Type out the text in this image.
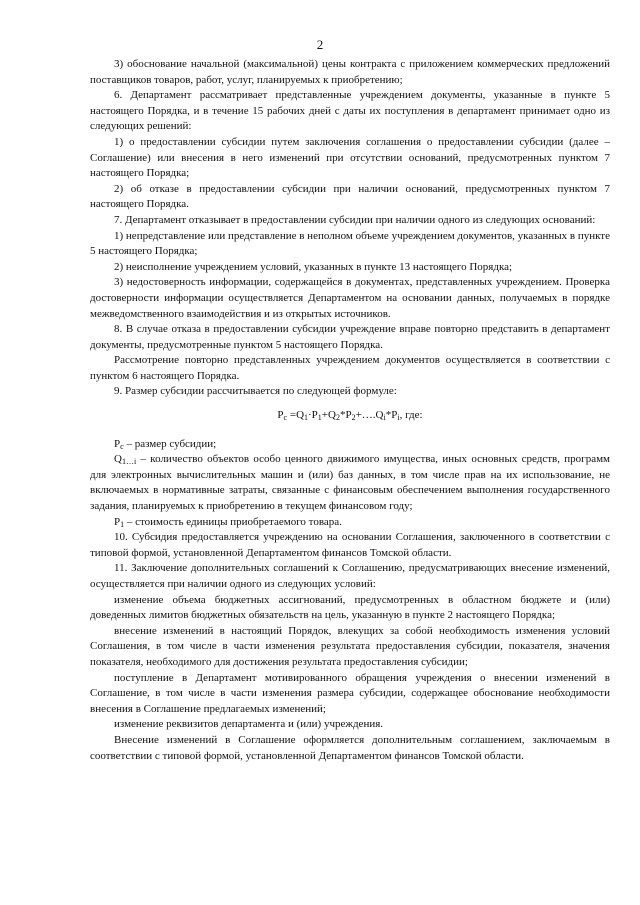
2

3) обоснование начальной (максимальной) цены контракта с приложением коммерческих предложений поставщиков товаров, работ, услуг, планируемых к приобретению;

6. Департамент рассматривает представленные учреждением документы, указанные в пункте 5 настоящего Порядка, и в течение 15 рабочих дней с даты их поступления в департамент принимает одно из следующих решений:

1) о предоставлении субсидии путем заключения соглашения о предоставлении субсидии (далее – Соглашение) или внесения в него изменений при отсутствии оснований, предусмотренных пунктом 7 настоящего Порядка;

2) об отказе в предоставлении субсидии при наличии оснований, предусмотренных пунктом 7 настоящего Порядка.

7. Департамент отказывает в предоставлении субсидии при наличии одного из следующих оснований:

1) непредставление или представление в неполном объеме учреждением документов, указанных в пункте 5 настоящего Порядка;

2) неисполнение учреждением условий, указанных в пункте 13 настоящего Порядка;

3) недостоверность информации, содержащейся в документах, представленных учреждением. Проверка достоверности информации осуществляется Департаментом на основании данных, получаемых в порядке межведомственного взаимодействия и из открытых источников.

8. В случае отказа в предоставлении субсидии учреждение вправе повторно представить в департамент документы, предусмотренные пунктом 5 настоящего Порядка.

Рассмотрение повторно представленных учреждением документов осуществляется в соответствии с пунктом 6 настоящего Порядка.

9. Размер субсидии рассчитывается по следующей формуле:

$P_с$ $=Q_1\cdot P_1+Q_2*P_2+\dots.Q_i*P_i$, где:

$P_с$ – размер субсидии;

$Q_{1\dots i}$ – количество объектов особо ценного движимого имущества, иных основных средств, программ для электронных вычислительных машин и (или) баз данных, в том числе прав на их использование, не включаемых в нормативные затраты, связанные с финансовым обеспечением выполнения государственного задания, планируемых к приобретению в текущем финансовом году;

$P_1$ – стоимость единицы приобретаемого товара.

10. Субсидия предоставляется учреждению на основании Соглашения, заключенного в соответствии с типовой формой, установленной Департаментом финансов Томской области.

11. Заключение дополнительных соглашений к Соглашению, предусматривающих внесение изменений, осуществляется при наличии одного из следующих условий:

изменение объема бюджетных ассигнований, предусмотренных в областном бюджете и (или) доведенных лимитов бюджетных обязательств на цель, указанную в пункте 2 настоящего Порядка;

внесение изменений в настоящий Порядок, влекущих за собой необходимость изменения условий Соглашения, в том числе в части изменения результата предоставления субсидии, показателя, значения показателя, необходимого для достижения результата предоставления субсидии;

поступление в Департамент мотивированного обращения учреждения о внесении изменений в Соглашение, в том числе в части изменения размера субсидии, содержащее обоснование необходимости внесения в Соглашение предлагаемых изменений;

изменение реквизитов департамента и (или) учреждения.

Внесение изменений в Соглашение оформляется дополнительным соглашением, заключаемым в соответствии с типовой формой, установленной Департаментом финансов Томской области.
